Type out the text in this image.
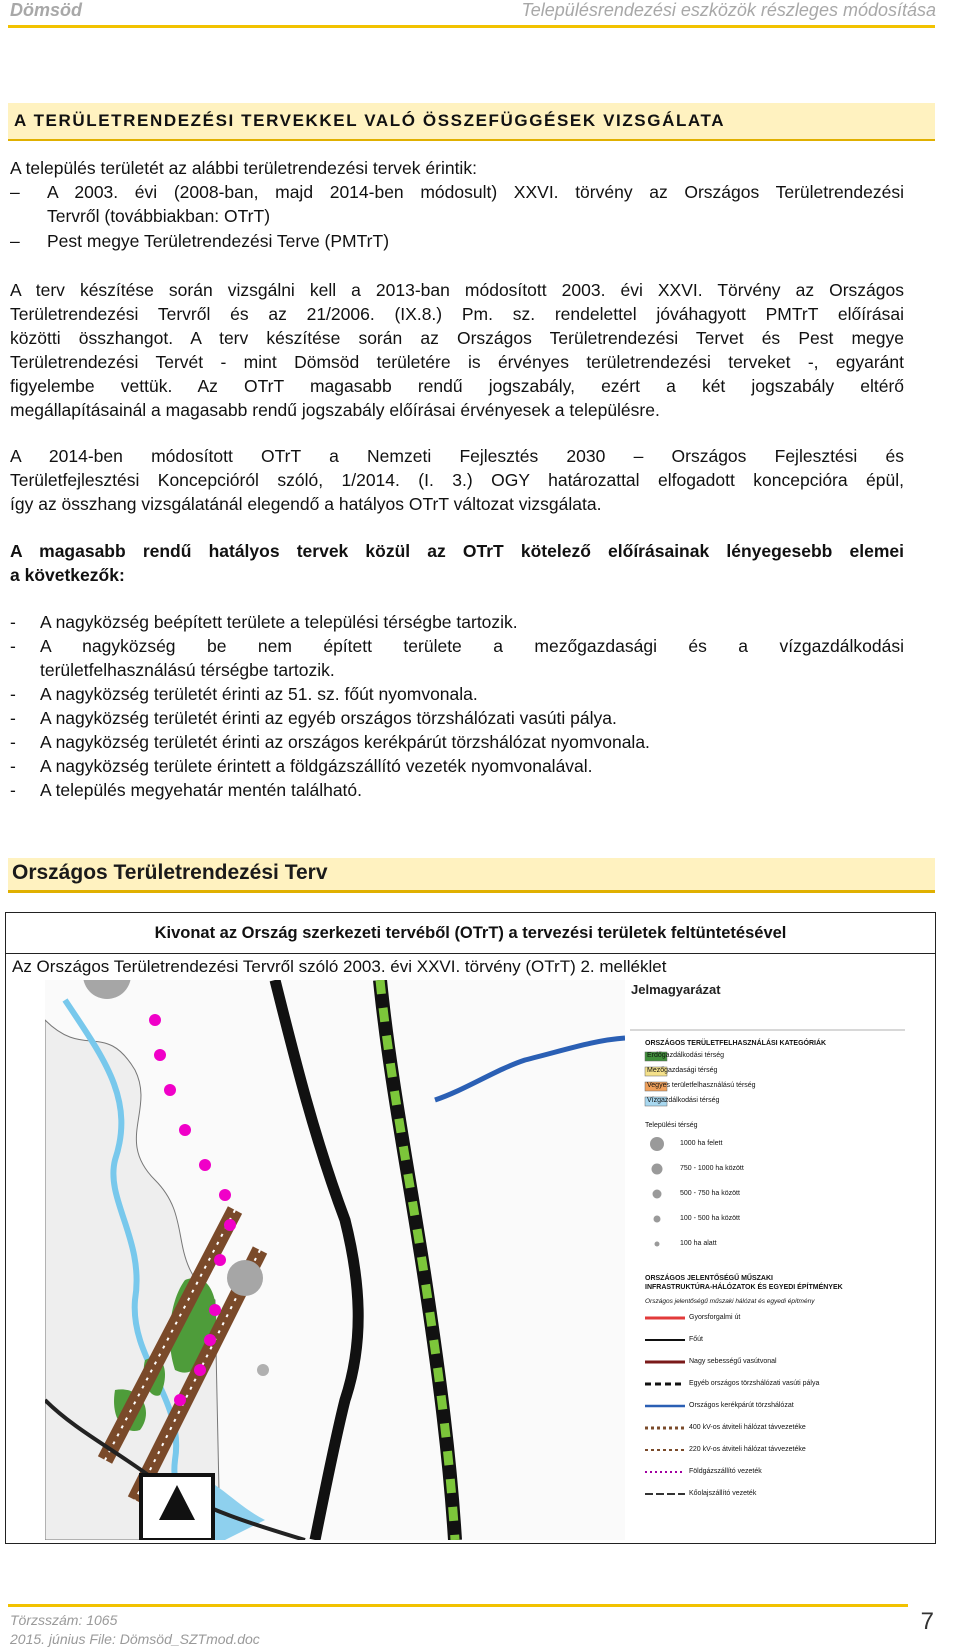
Dömsöd	Településrendezési eszközök részleges módosítása
A TERÜLETRENDEZÉSI TERVEKKEL VALÓ ÖSSZEFÜGGÉSEK VIZSGÁLATA
A település területét az alábbi területrendezési tervek érintik:
– A 2003. évi (2008-ban, majd 2014-ben módosult) XXVI. törvény az Országos Területrendezési
Tervről (továbbiakban: OTrT)
– Pest megye Területrendezési Terve (PMTrT)
A terv készítése során vizsgálni kell a 2013-ban módosított 2003. évi XXVI. Törvény az Országos
Területrendezési Tervről és az 21/2006. (IX.8.) Pm. sz. rendelettel jóváhagyott PMTrT előírásai
közötti összhangot. A terv készítése során az Országos Területrendezési Tervet és Pest megye
Területrendezési Tervét - mint Dömsöd területére is érvényes területrendezési terveket -, egyaránt
figyelembe vettük. Az OTrT magasabb rendű jogszabály, ezért a két jogszabály eltérő
megállapításainál a magasabb rendű jogszabály előírásai érvényesek a településre.
A 2014-ben módosított OTrT a Nemzeti Fejlesztés 2030 – Országos Fejlesztési és
Területfejlesztési Koncepcióról szóló, 1/2014. (I. 3.) OGY határozattal elfogadott koncepcióra épül,
így az összhang vizsgálatánál elegendő a hatályos OTrT változat vizsgálata.
A magasabb rendű hatályos tervek közül az OTrT kötelező előírásainak lényegesebb elemei
a következők:
- A nagyközség beépített területe a települési térségbe tartozik.
- A nagyközség be nem épített területe a mezőgazdasági és a vízgazdálkodási
területfelhasználású térségbe tartozik.
- A nagyközség területét érinti az 51. sz. főút nyomvonala.
- A nagyközség területét érinti az egyéb országos törzshálózati vasúti pálya.
- A nagyközség területét érinti az országos kerékpárút törzshálózat nyomvonala.
- A nagyközség területe érintett a földgázszállító vezeték nyomvonalával.
- A település megyehatár mentén található.
Országos Területrendezési Terv
Kivonat az Ország szerkezeti tervéből (OTrT) a tervezési területek feltüntetésével
Az Országos Területrendezési Tervről szóló 2003. évi XXVI. törvény (OTrT) 2. melléklet
Jelmagyarázat
ORSZÁGOS TERÜLETFELHASZNÁLÁSI KATEGÓRIÁK
Erdőgazdálkodási térség
Mezőgazdasági térség
Vegyes területfelhasználású térség
Vízgazdálkodási térség
Települési térség
1000 ha felett
750 - 1000 ha között
500 - 750 ha között
100 - 500 ha között
100 ha alatt
ORSZÁGOS JELENTŐSÉGŰ MŰSZAKI
INFRASTRUKTÚRA-HÁLÓZATOK ÉS EGYEDI ÉPÍTMÉNYEK
Országos jelentőségű műszaki hálózat és egyedi építmény
Gyorsforgalmi út
Főút
Nagy sebességű vasútvonal
Egyéb országos törzshálózati vasúti pálya
Országos kerékpárút törzshálózat
400 kV-os átviteli hálózat távvezetéke
220 kV-os átviteli hálózat távvezetéke
Földgázszállító vezeték
Kőolajszállító vezeték
Törzsszám: 1065
2015. június File: Dömsöd_SZTmod.doc
7
